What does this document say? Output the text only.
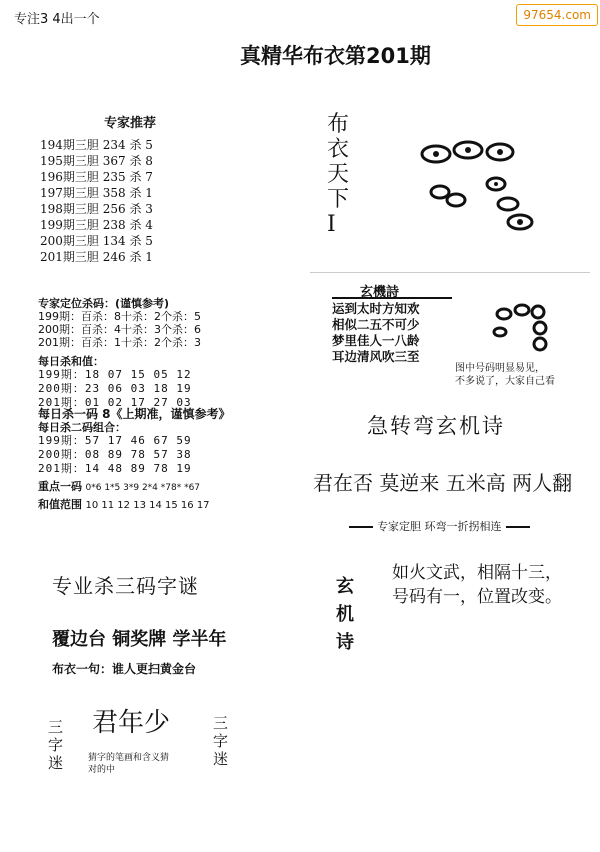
专注3 4出一个	97654.com
真精华布衣第201期
专家推荐
194期三胆 234 杀 5
195期三胆 367 杀 8
196期三胆 235 杀 7
197期三胆 358 杀 1
198期三胆 256 杀 3
199期三胆 238 杀 4
200期三胆 134 杀 5
201期三胆 246 杀 1
专家定位杀码：(谨慎参考)
199期：百杀：8十杀：2个杀：5
200期：百杀：4十杀：3个杀：6
201期：百杀：1十杀：2个杀：3
每日杀和值：
199期：18 07 15 05 12
200期：23 06 03 18 19
201期：01 02 17 27 03
每日杀一码 8《上期准，谨慎参考》
每日杀二码组合：
199期：57 17 46 67 59
200期：08 89 78 57 38
201期：14 48 89 78 19
重点一码 0*6 1*5 3*9 2*4 *78* *67
和值范围 10 11 12 13 14 15 16 17
布
衣
天
下
I
玄機詩
运到太时方知欢
相似二五不可少
梦里佳人一八龄
耳边清风吹三至
图中号码明显易见，
不多说了，大家自己看
急转弯玄机诗
君在否 莫逆来 五米高 两人翻
专家定胆 环弯一折拐相连
玄
机
诗
如火文武，相隔十三，
号码有一，位置改变。
专业杀三码字谜
覆边台 铜奖牌 学半年
布衣一句：谁人更扫黄金台
三
字
迷
君年少	三
字
迷
猜字的笔画和含义猜
对的中
